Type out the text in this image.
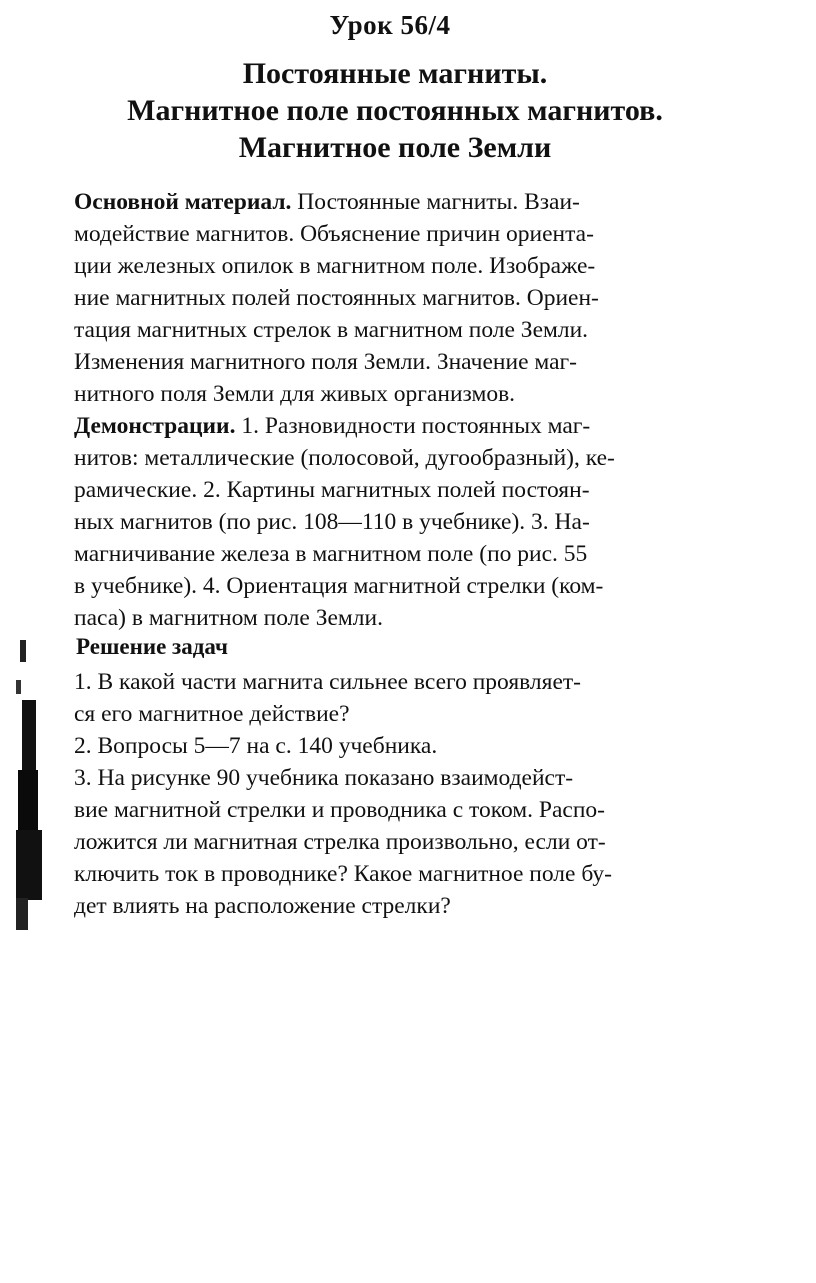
Урок 56/4
Постоянные магниты.
Магнитное поле постоянных магнитов.
Магнитное поле Земли
Основной материал. Постоянные магниты. Взаи-
модействие магнитов. Объяснение причин ориента-
ции железных опилок в магнитном поле. Изображе-
ние магнитных полей постоянных магнитов. Ориен-
тация магнитных стрелок в магнитном поле Земли.
Изменения магнитного поля Земли. Значение маг-
нитного поля Земли для живых организмов.
Демонстрации. 1. Разновидности постоянных маг-
нитов: металлические (полосовой, дугообразный), ке-
рамические. 2. Картины магнитных полей постоян-
ных магнитов (по рис. 108—110 в учебнике). 3. На-
магничивание железа в магнитном поле (по рис. 55
в учебнике). 4. Ориентация магнитной стрелки (ком-
паса) в магнитном поле Земли.
Решение задач
1. В какой части магнита сильнее всего проявляет-
ся его магнитное действие?
2. Вопросы 5—7 на с. 140 учебника.
3. На рисунке 90 учебника показано взаимодейст-
вие магнитной стрелки и проводника с током. Распо-
ложится ли магнитная стрелка произвольно, если от-
ключить ток в проводнике? Какое магнитное поле бу-
дет влиять на расположение стрелки?
